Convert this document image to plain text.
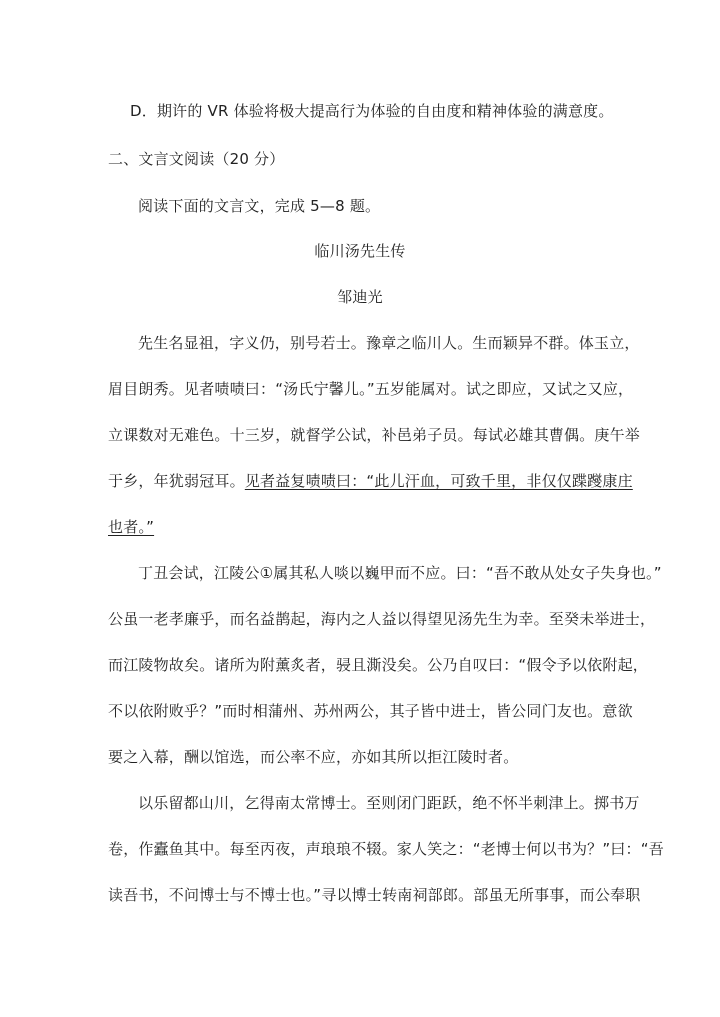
D．期许的 VR 体验将极大提高行为体验的自由度和精神体验的满意度。
二、文言文阅读（20 分）
阅读下面的文言文，完成 5—8 题。
临川汤先生传
邹迪光
先生名显祖，字义仍，别号若士。豫章之临川人。生而颖异不群。体玉立，
眉目朗秀。见者啧啧曰：“汤氏宁馨儿。”五岁能属对。试之即应，又试之又应，
立课数对无难色。十三岁，就督学公试，补邑弟子员。每试必雄其曹偶。庚午举
于乡，年犹弱冠耳。见者益复啧啧曰：“此儿汗血，可致千里，非仅仅蹀躞康庄
也者。”
丁丑会试，江陵公①属其私人啖以巍甲而不应。曰：“吾不敢从处女子失身也。”
公虽一老孝廉乎，而名益鹊起，海内之人益以得望见汤先生为幸。至癸未举进士，
而江陵物故矣。诸所为附薰炙者，骎且澌没矣。公乃自叹曰：“假令予以依附起，
不以依附败乎？”而时相蒲州、苏州两公，其子皆中进士，皆公同门友也。意欲
要之入幕，酬以馆选，而公率不应，亦如其所以拒江陵时者。
以乐留都山川，乞得南太常博士。至则闭门距跃，绝不怀半刺津上。掷书万
卷，作蠹鱼其中。每至丙夜，声琅琅不辍。家人笑之：“老博士何以书为？”曰：“吾
读吾书，不问博士与不博士也。”寻以博士转南祠部郎。部虽无所事事，而公奉职
